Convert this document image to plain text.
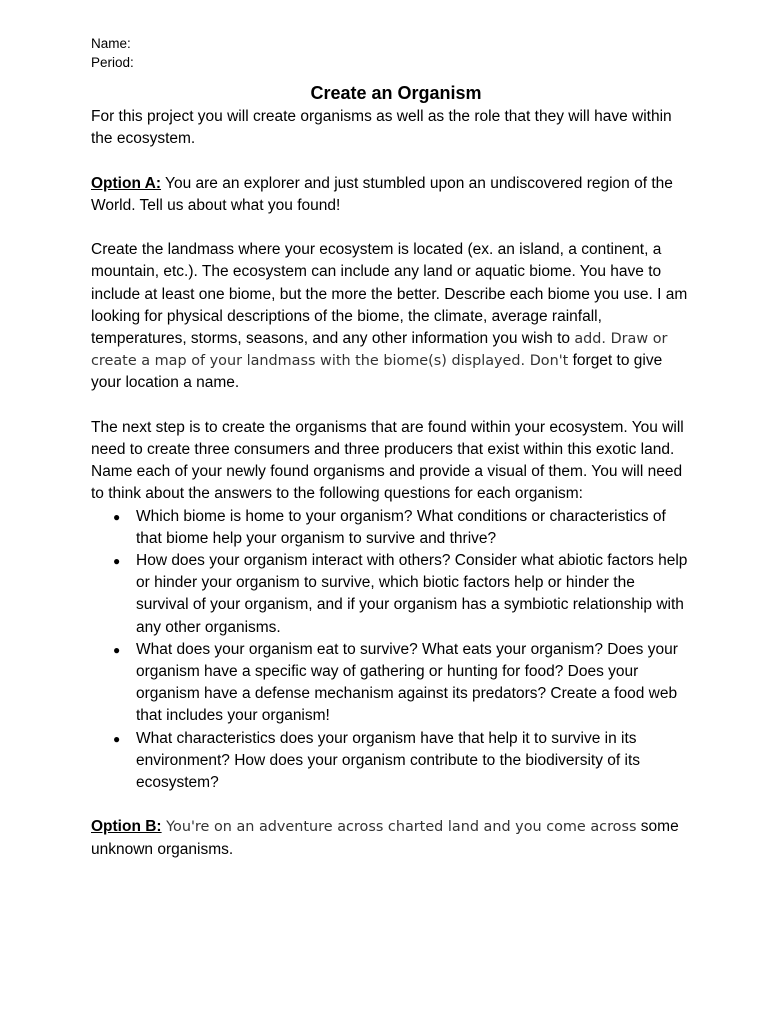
Name:
Period:
Create an Organism

For this project you will create organisms as well as the role that they will have within the ecosystem.

Option A: You are an explorer and just stumbled upon an undiscovered region of the World. Tell us about what you found!

Create the landmass where your ecosystem is located (ex. an island, a continent, a mountain, etc.). The ecosystem can include any land or aquatic biome. You have to include at least one biome, but the more the better. Describe each biome you use. I am looking for physical descriptions of the biome, the climate, average rainfall, temperatures, storms, seasons, and any other information you wish to add. Draw or create a map of your landmass with the biome(s) displayed. Don't forget to give your location a name.

The next step is to create the organisms that are found within your ecosystem. You will need to create three consumers and three producers that exist within this exotic land. Name each of your newly found organisms and provide a visual of them. You will need to think about the answers to the following questions for each organism:

● Which biome is home to your organism? What conditions or characteristics of that biome help your organism to survive and thrive?
● How does your organism interact with others? Consider what abiotic factors help or hinder your organism to survive, which biotic factors help or hinder the survival of your organism, and if your organism has a symbiotic relationship with any other organisms.
● What does your organism eat to survive? What eats your organism? Does your organism have a specific way of gathering or hunting for food? Does your organism have a defense mechanism against its predators? Create a food web that includes your organism!
● What characteristics does your organism have that help it to survive in its environment? How does your organism contribute to the biodiversity of its ecosystem?

Option B: You're on an adventure across charted land and you come across some unknown organisms.
